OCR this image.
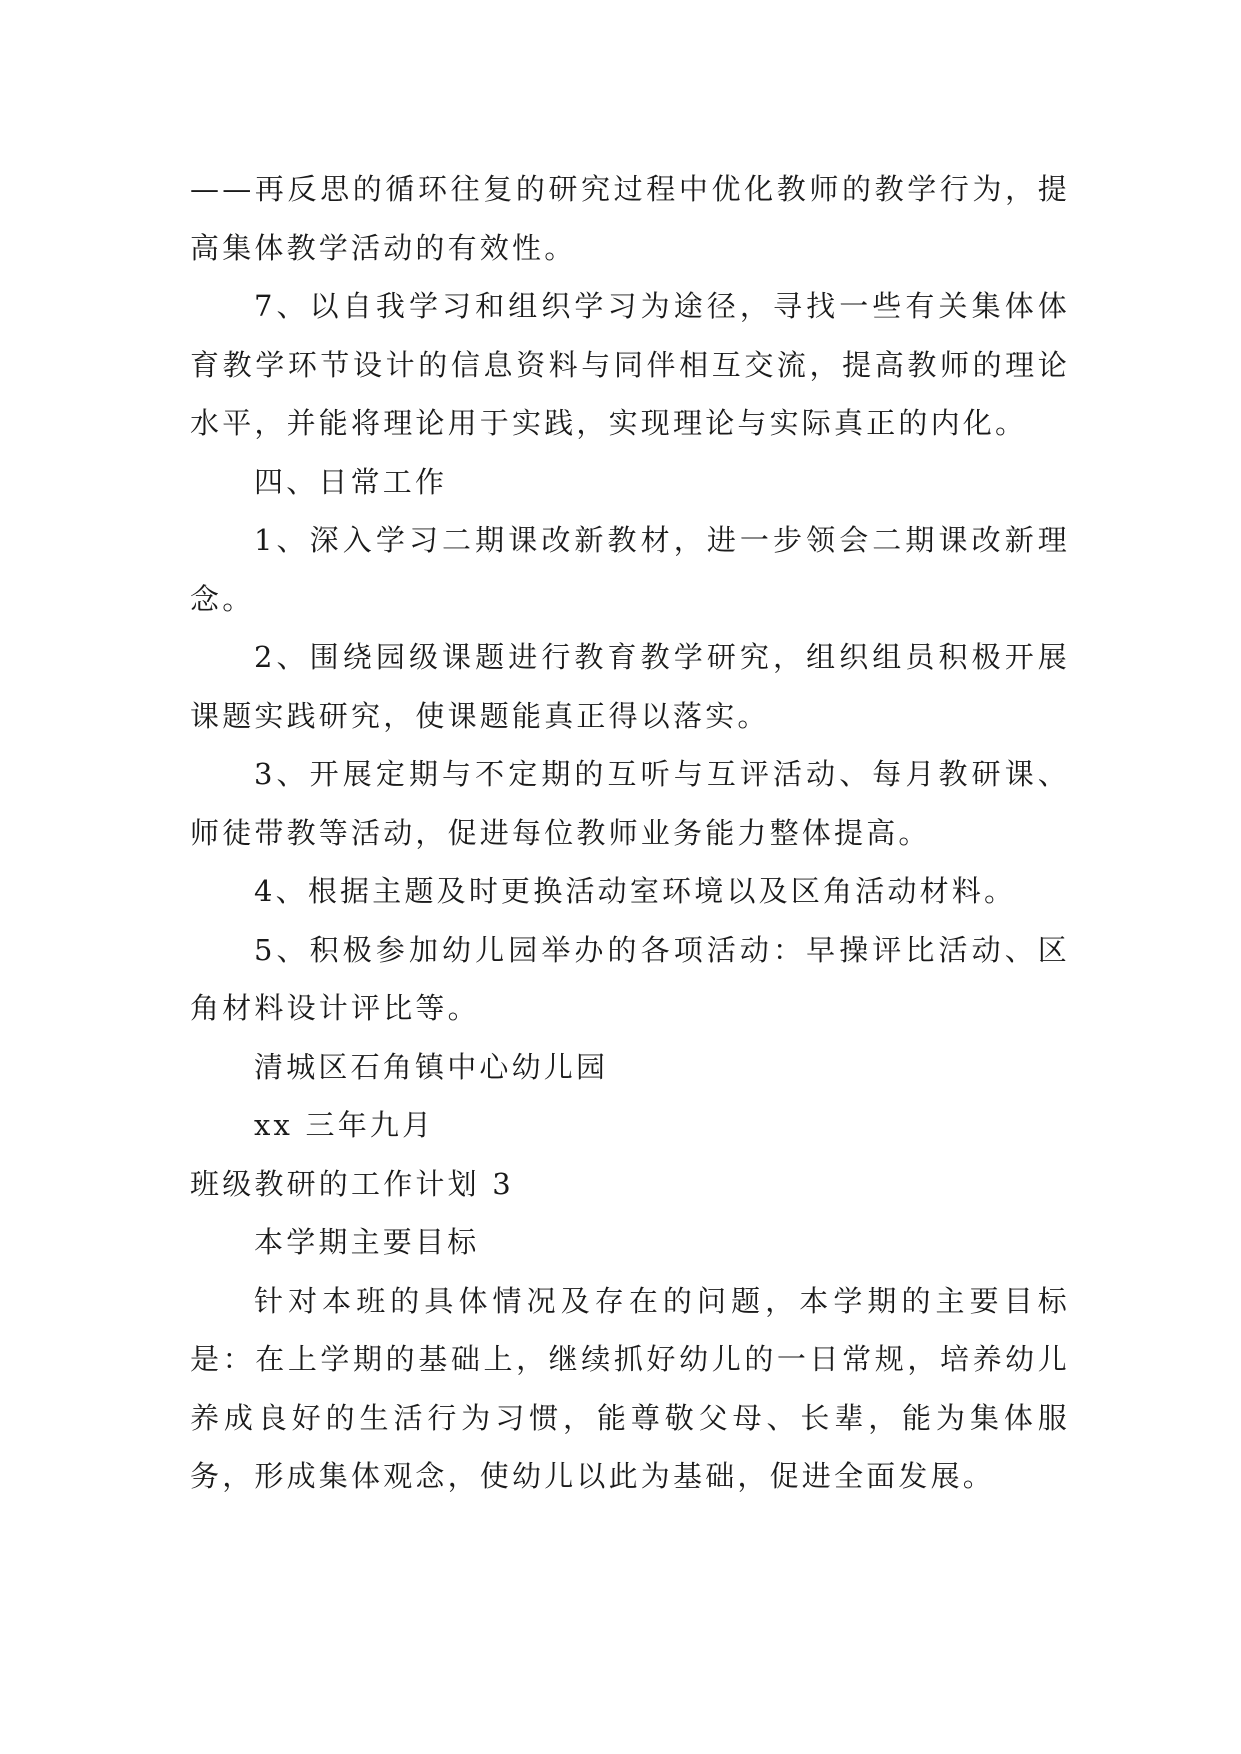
——再反思的循环往复的研究过程中优化教师的教学行为，提高集体教学活动的有效性。

7、以自我学习和组织学习为途径，寻找一些有关集体体育教学环节设计的信息资料与同伴相互交流，提高教师的理论水平，并能将理论用于实践，实现理论与实际真正的内化。

四、日常工作

1、深入学习二期课改新教材，进一步领会二期课改新理念。

2、围绕园级课题进行教育教学研究，组织组员积极开展课题实践研究，使课题能真正得以落实。

3、开展定期与不定期的互听与互评活动、每月教研课、师徒带教等活动，促进每位教师业务能力整体提高。

4、根据主题及时更换活动室环境以及区角活动材料。

5、积极参加幼儿园举办的各项活动：早操评比活动、区角材料设计评比等。

清城区石角镇中心幼儿园

xx 三年九月

班级教研的工作计划 3

本学期主要目标

针对本班的具体情况及存在的问题，本学期的主要目标是：在上学期的基础上，继续抓好幼儿的一日常规，培养幼儿养成良好的生活行为习惯，能尊敬父母、长辈，能为集体服务，形成集体观念，使幼儿以此为基础，促进全面发展。
